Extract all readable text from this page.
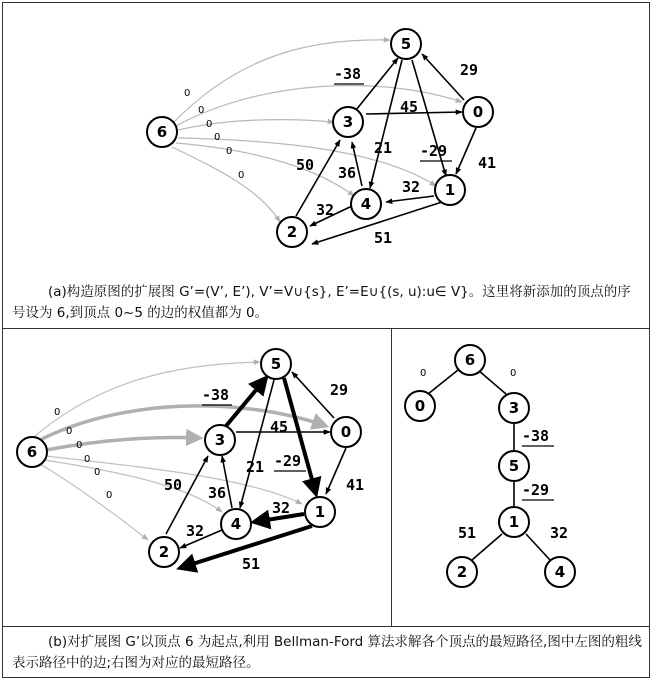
0
0
0
0
0
0
-38	29
45
21 -29
41
36
32
50
32
51
6
5
3
0
4
1
2
(a)构造原图的扩展图 G’=(V’, E’), V’=V∪{s}, E’=E∪{(s, u):u∈ V}。这里将新添加的顶点的序号设为 6,到顶点 0~5 的边的权值都为 0。
0
0
0
0
0
0
-38	29
45
21 -29
41
36
32
50
32
51
6
5
3	0
4
1
2
0	0
-38
-29
51	32
6
0	3
5
1
2	4
(b)对扩展图 G’以顶点 6 为起点,利用 Bellman-Ford 算法求解各个顶点的最短路径,图中左图的粗线表示路径中的边;右图为对应的最短路径。
